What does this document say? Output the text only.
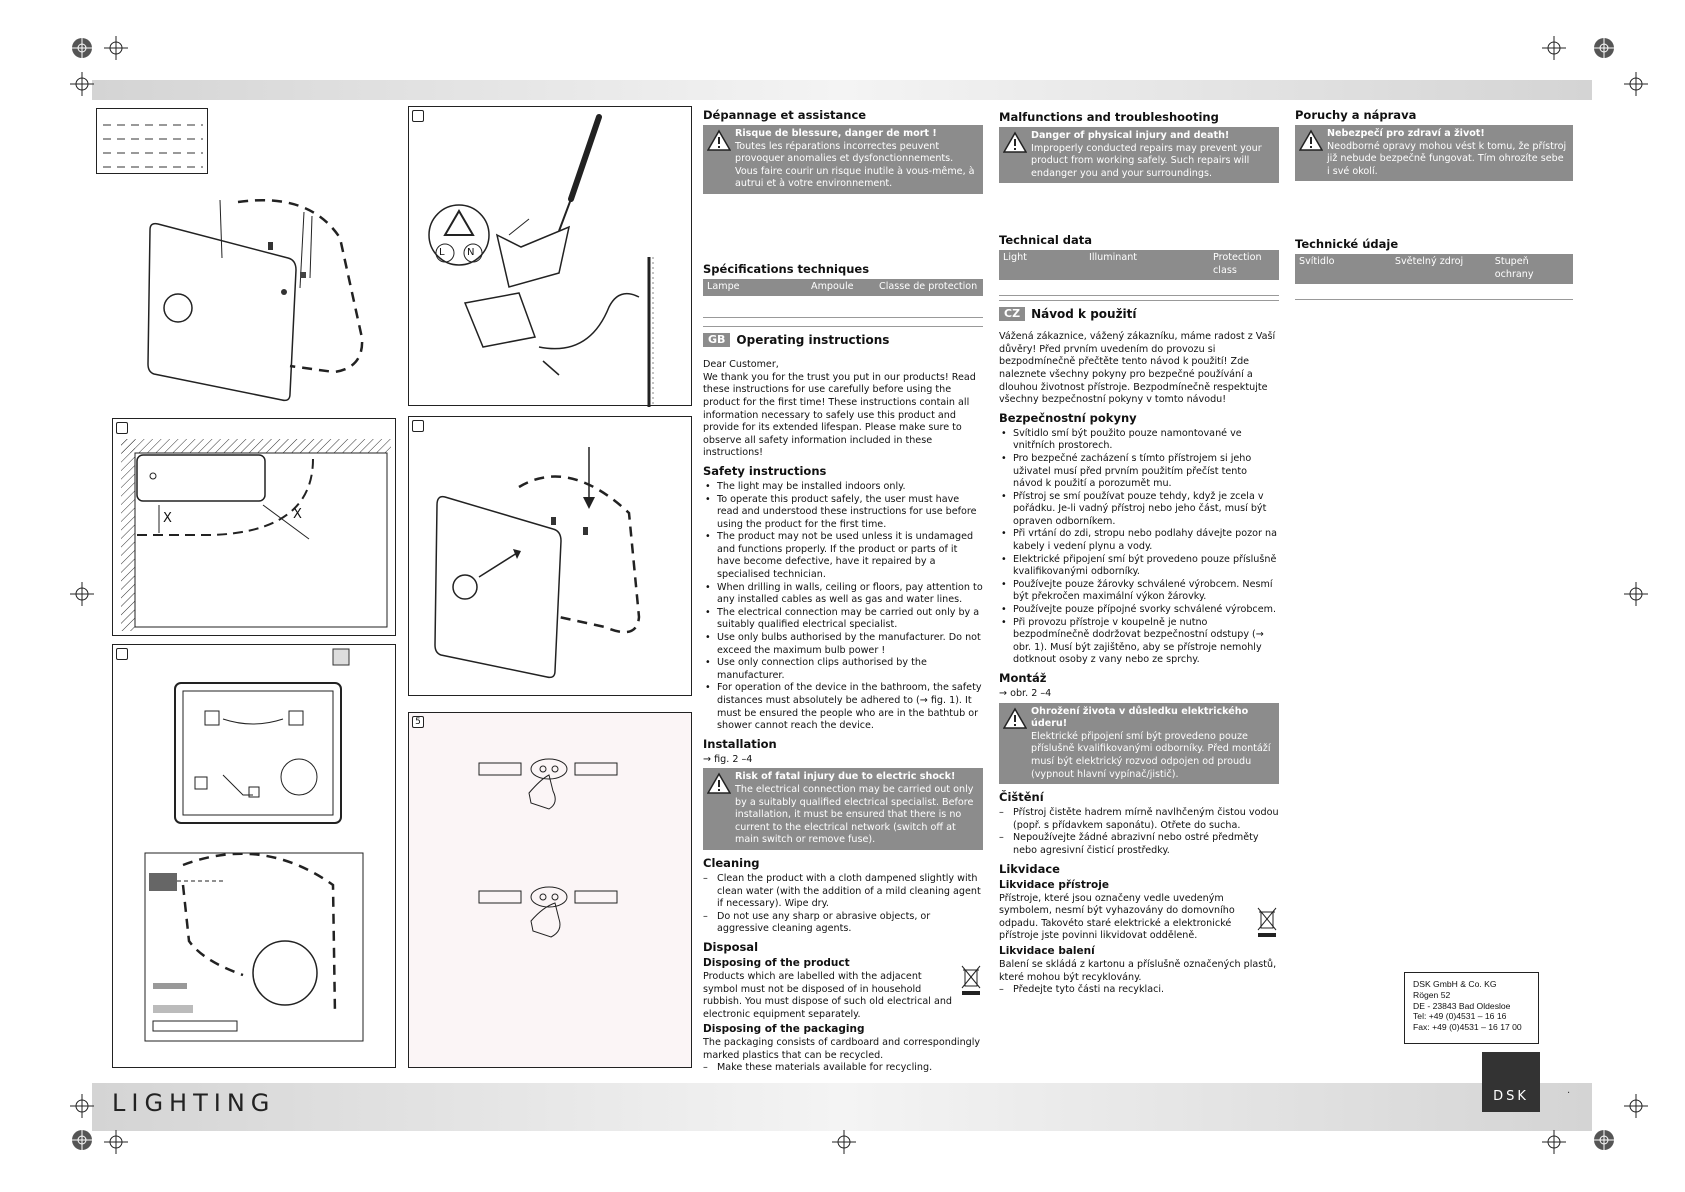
LIGHTING	DSK	·
X	X
L N
5
Dépannage et assistance
Risque de blessure, danger de mort !

Toutes les réparations incorrectes peuvent provoquer anomalies et dysfonctionnements. Vous faire courir un risque inutile à vous-même, à autrui et à votre environnement.

Spécifications techniques
Lampe	Ampoule	Classe de protection
GB Operating instructions

Dear Customer,

We thank you for the trust you put in our products! Read these instructions for use carefully before using the product for the first time! These instructions contain all information necessary to safely use this product and provide for its extended lifespan. Please make sure to observe all safety information included in these instructions!

Safety instructions
• The light may be installed indoors only.
• To operate this product safely, the user must have read and understood these instructions for use before using the product for the first time.
• The product may not be used unless it is undamaged and functions properly. If the product or parts of it have become defective, have it repaired by a specialised technician.
• When drilling in walls, ceiling or floors, pay attention to any installed cables as well as gas and water lines.
• The electrical connection may be carried out only by a suitably qualified electrical specialist.
• Use only bulbs authorised by the manufacturer. Do not exceed the maximum bulb power !
• Use only connection clips authorised by the manufacturer.
• For operation of the device in the bathroom, the safety distances must absolutely be adhered to (→ fig. 1). It must be ensured the people who are in the bathtub or shower cannot reach the device.
Installation

→ fig. 2 –4

Risk of fatal injury due to electric shock!

The electrical connection may be carried out only by a suitably qualified electrical specialist. Before installation, it must be ensured that there is no current to the electrical network (switch off at main switch or remove fuse).

Cleaning
– Clean the product with a cloth dampened slightly with clean water (with the addition of a mild cleaning agent if necessary). Wipe dry.
– Do not use any sharp or abrasive objects, or aggressive cleaning agents.
Disposal
Disposing of the product

Products which are labelled with the adjacent symbol must not be disposed of in household rubbish. You must dispose of such old electrical and electronic equipment separately.

Disposing of the packaging

The packaging consists of cardboard and correspondingly marked plastics that can be recycled.

– Make these materials available for recycling.
Malfunctions and troubleshooting
Danger of physical injury and death!

Improperly conducted repairs may prevent your product from working safely. Such repairs will endanger you and your surroundings.

Technical data
Light	Illuminant	Protection class
CZ Návod k použití

Vážená zákaznice, vážený zákazníku, máme radost z Vaší důvěry! Před prvním uvedením do provozu si bezpodmínečně přečtěte tento návod k použití! Zde naleznete všechny pokyny pro bezpečné používání a dlouhou životnost přístroje. Bezpodmínečně respektujte všechny bezpečnostní pokyny v tomto návodu!

Bezpečnostní pokyny
• Svítidlo smí být použito pouze namontované ve vnitřních prostorech.
• Pro bezpečné zacházení s tímto přístrojem si jeho uživatel musí před prvním použitím přečíst tento návod k použití a porozumět mu.
• Přístroj se smí používat pouze tehdy, když je zcela v pořádku. Je-li vadný přístroj nebo jeho část, musí být opraven odborníkem.
• Při vrtání do zdi, stropu nebo podlahy dávejte pozor na kabely i vedení plynu a vody.
• Elektrické připojení smí být provedeno pouze příslušně kvalifikovanými odborníky.
• Používejte pouze žárovky schválené výrobcem. Nesmí být překročen maximální výkon žárovky.
• Používejte pouze přípojné svorky schválené výrobcem.
• Při provozu přístroje v koupelně je nutno bezpodmínečně dodržovat bezpečnostní odstupy (→ obr. 1). Musí být zajištěno, aby se přístroje nemohly dotknout osoby z vany nebo ze sprchy.
Montáž

→ obr. 2 –4

Ohrožení života v důsledku elektrického úderu!

Elektrické připojení smí být provedeno pouze příslušně kvalifikovanými odborníky. Před montáží musí být elektrický rozvod odpojen od proudu (vypnout hlavní vypínač/jistič).

Čištění
– Přístroj čistěte hadrem mírně navlhčeným čistou vodou (popř. s přídavkem saponátu). Otřete do sucha.
– Nepoužívejte žádné abrazivní nebo ostré předměty nebo agresivní čisticí prostředky.
Likvidace
Likvidace přístroje

Přístroje, které jsou označeny vedle uvedeným symbolem, nesmí být vyhazovány do domovního odpadu. Takovéto staré elektrické a elektronické přístroje jste povinni likvidovat odděleně.

Likvidace balení

Balení se skládá z kartonu a příslušně označených plastů, které mohou být recyklovány.

– Předejte tyto části na recyklaci.
Poruchy a náprava
Nebezpečí pro zdraví a život!

Neodborné opravy mohou vést k tomu, že přístroj již nebude bezpečně fungovat. Tím ohrozíte sebe i své okolí.

Technické údaje
Svítidlo	Světelný zdroj	Stupeň ochrany
DSK GmbH & Co. KG
Rögen 52
DE - 23843 Bad Oldesloe
Tel: +49 (0)4531 – 16 16
Fax: +49 (0)4531 – 16 17 00
